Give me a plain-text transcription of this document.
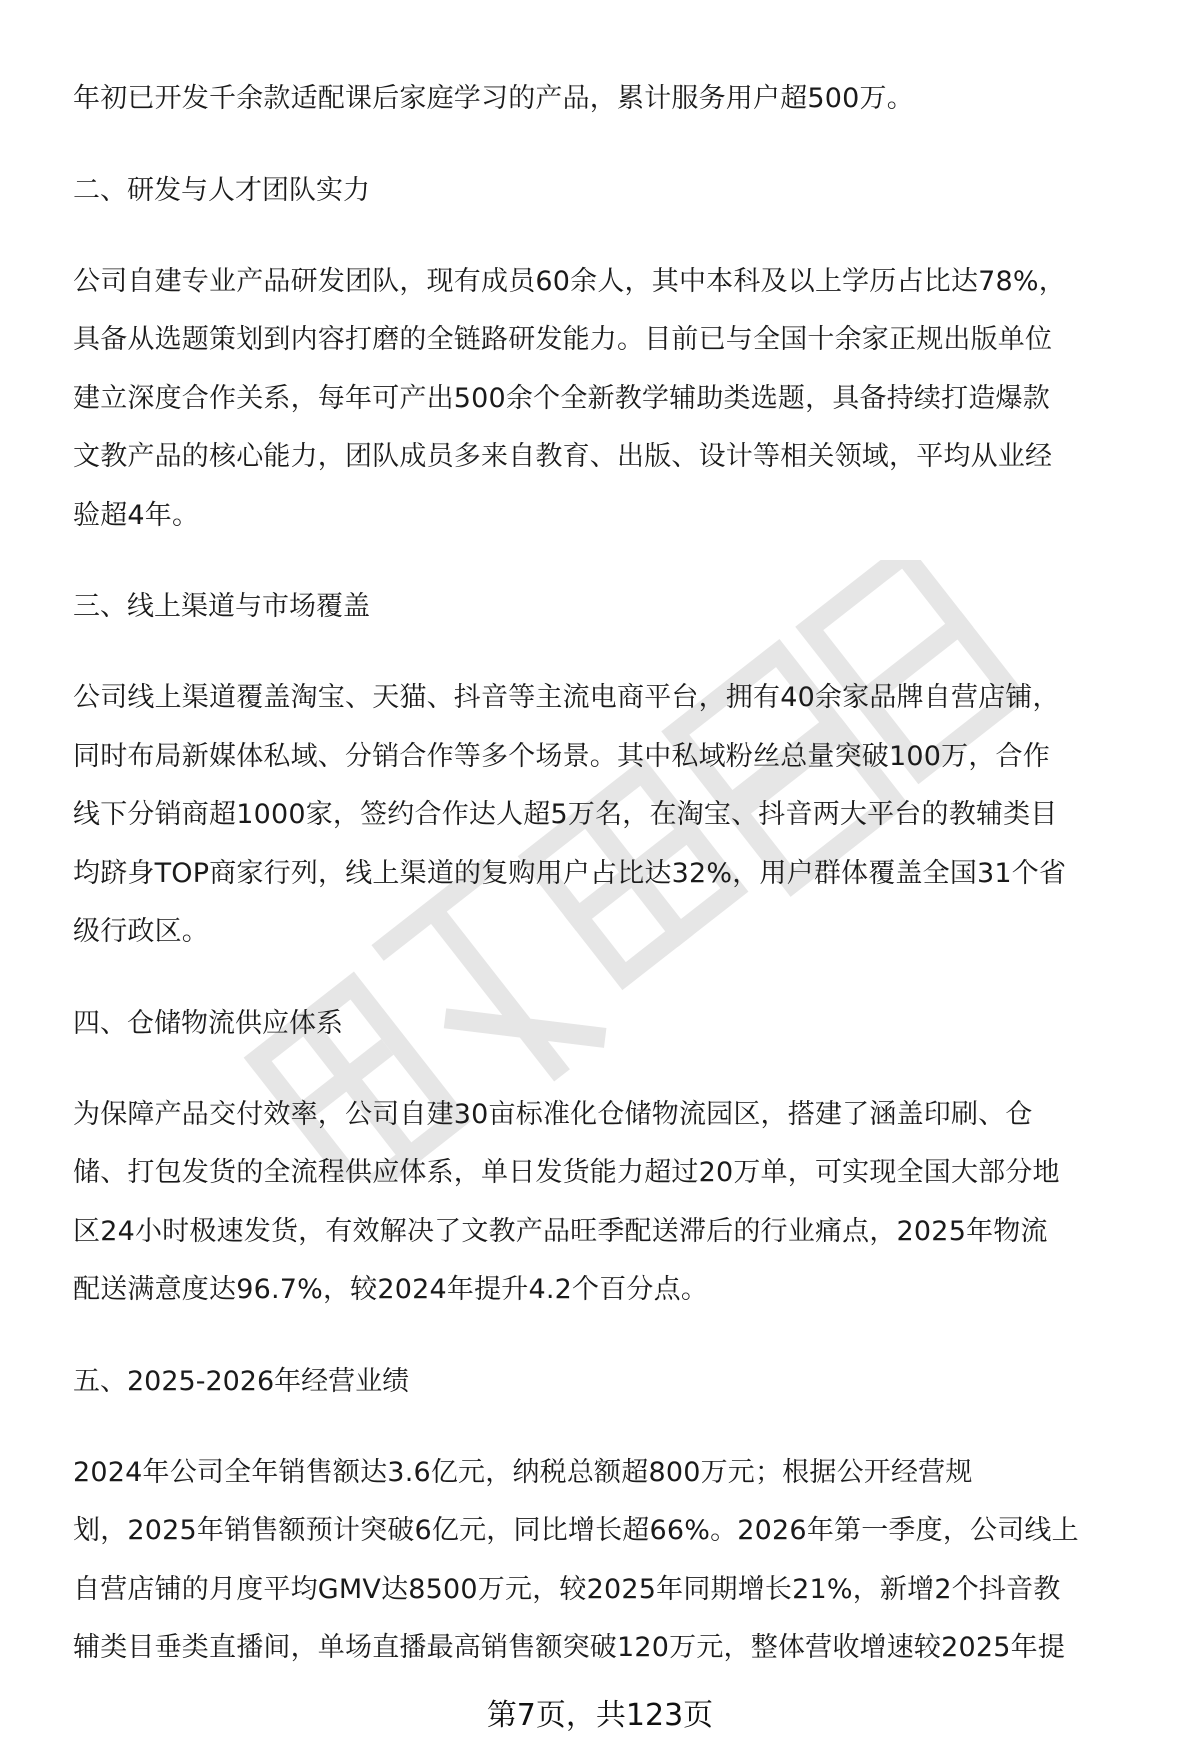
年初已开发千余款适配课后家庭学习的产品，累计服务用户超500万。
二、研发与人才团队实力
公司自建专业产品研发团队，现有成员60余人，其中本科及以上学历占比达78%，
具备从选题策划到内容打磨的全链路研发能力。目前已与全国十余家正规出版单位
建立深度合作关系，每年可产出500余个全新教学辅助类选题，具备持续打造爆款
文教产品的核心能力，团队成员多来自教育、出版、设计等相关领域，平均从业经
验超4年。
三、线上渠道与市场覆盖
公司线上渠道覆盖淘宝、天猫、抖音等主流电商平台，拥有40余家品牌自营店铺，
同时布局新媒体私域、分销合作等多个场景。其中私域粉丝总量突破100万，合作
线下分销商超1000家，签约合作达人超5万名，在淘宝、抖音两大平台的教辅类目
均跻身TOP商家行列，线上渠道的复购用户占比达32%，用户群体覆盖全国31个省
级行政区。
四、仓储物流供应体系
为保障产品交付效率，公司自建30亩标准化仓储物流园区，搭建了涵盖印刷、仓
储、打包发货的全流程供应体系，单日发货能力超过20万单，可实现全国大部分地
区24小时极速发货，有效解决了文教产品旺季配送滞后的行业痛点，2025年物流
配送满意度达96.7%，较2024年提升4.2个百分点。
五、2025-2026年经营业绩
2024年公司全年销售额达3.6亿元，纳税总额超800万元；根据公开经营规
划，2025年销售额预计突破6亿元，同比增长超66%。2026年第一季度，公司线上
自营店铺的月度平均GMV达8500万元，较2025年同期增长21%，新增2个抖音教
辅类目垂类直播间，单场直播最高销售额突破120万元，整体营收增速较2025年提
第7页，共123页
